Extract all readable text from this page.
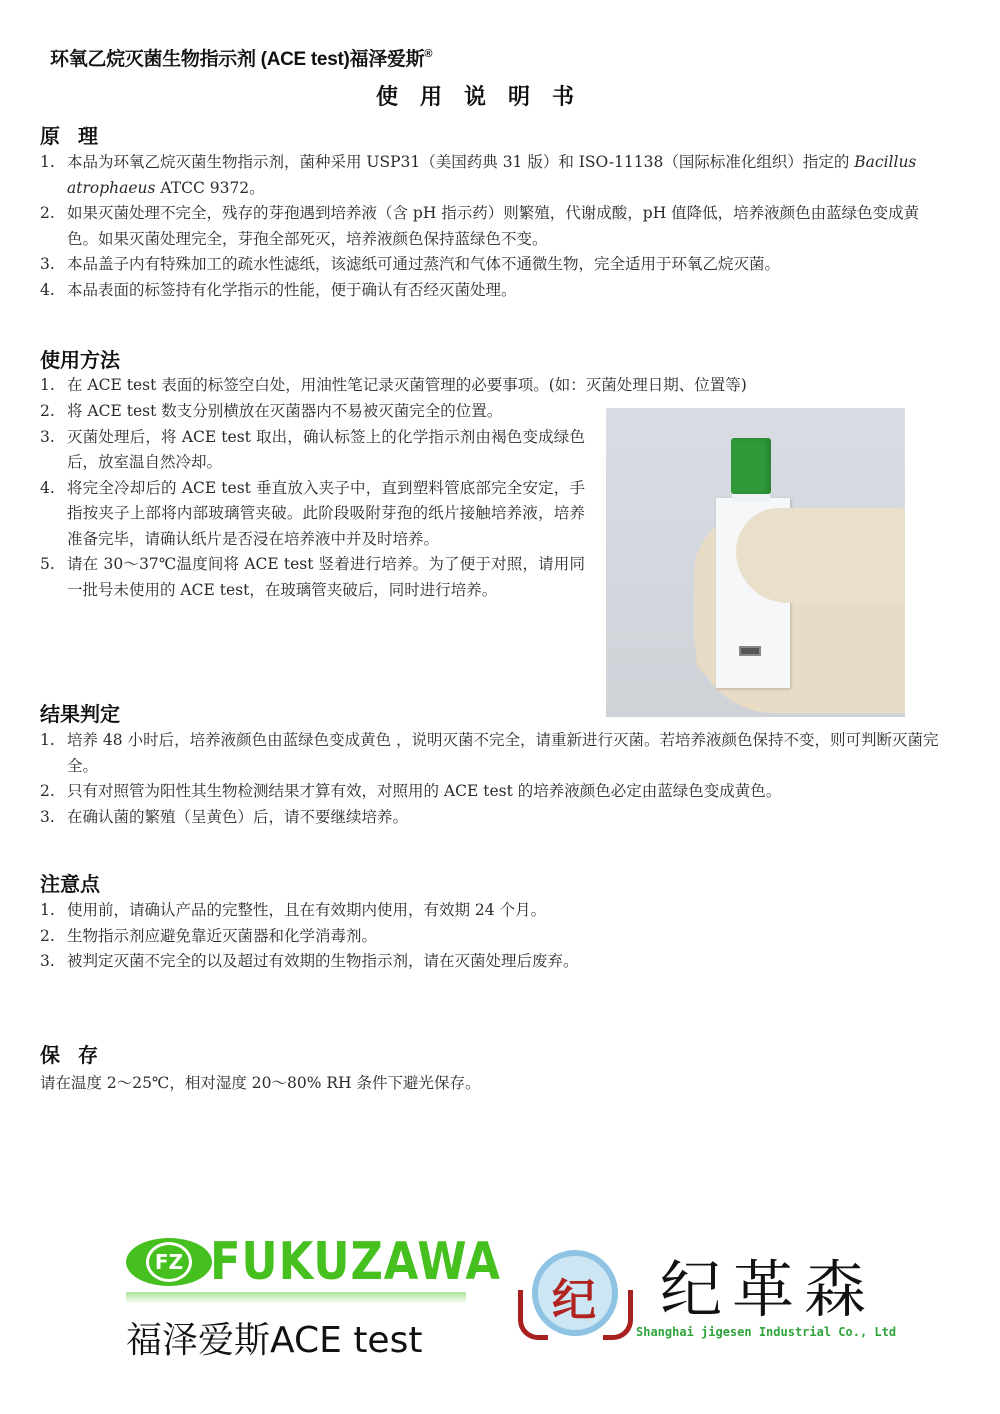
环氧乙烷灭菌生物指示剂 (ACE test)福泽爱斯®
使用说明书
原理
1. 本品为环氧乙烷灭菌生物指示剂，菌种采用 USP31（美国药典 31 版）和 ISO-11138（国际标准化组织）指定的 Bacillus atrophaeus ATCC 9372。
2. 如果灭菌处理不完全，残存的芽孢遇到培养液（含 pH 指示药）则繁殖，代谢成酸，pH 值降低，培养液颜色由蓝绿色变成黄色。如果灭菌处理完全，芽孢全部死灭，培养液颜色保持蓝绿色不变。
3. 本品盖子内有特殊加工的疏水性滤纸，该滤纸可通过蒸汽和气体不通微生物，完全适用于环氧乙烷灭菌。
4. 本品表面的标签持有化学指示的性能，便于确认有否经灭菌处理。
使用方法
1. 在 ACE test 表面的标签空白处，用油性笔记录灭菌管理的必要事项。(如：灭菌处理日期、位置等)
2. 将 ACE test 数支分别横放在灭菌器内不易被灭菌完全的位置。
3. 灭菌处理后，将 ACE test 取出，确认标签上的化学指示剂由褐色变成绿色后，放室温自然冷却。
4. 将完全冷却后的 ACE test 垂直放入夹子中，直到塑料管底部完全安定，手指按夹子上部将内部玻璃管夹破。此阶段吸附芽孢的纸片接触培养液，培养准备完毕，请确认纸片是否浸在培养液中并及时培养。
5. 请在 30～37℃温度间将 ACE test 竖着进行培养。为了便于对照，请用同一批号未使用的 ACE test，在玻璃管夹破后，同时进行培养。
结果判定
1. 培养 48 小时后，培养液颜色由蓝绿色变成黄色 ，说明灭菌不完全，请重新进行灭菌。若培养液颜色保持不变，则可判断灭菌完全。
2. 只有对照管为阳性其生物检测结果才算有效，对照用的 ACE test 的培养液颜色必定由蓝绿色变成黄色。
3. 在确认菌的繁殖（呈黄色）后，请不要继续培养。
注意点
1. 使用前，请确认产品的完整性，且在有效期内使用，有效期 24 个月。
2. 生物指示剂应避免靠近灭菌器和化学消毒剂。
3. 被判定灭菌不完全的以及超过有效期的生物指示剂，请在灭菌处理后废弃。
保存
请在温度 2～25℃，相对湿度 20～80% RH 条件下避光保存。
FZ FUKUZAWA
福泽爱斯ACE test
纪 纪革森
Shanghai jigesen Industrial Co., Ltd
